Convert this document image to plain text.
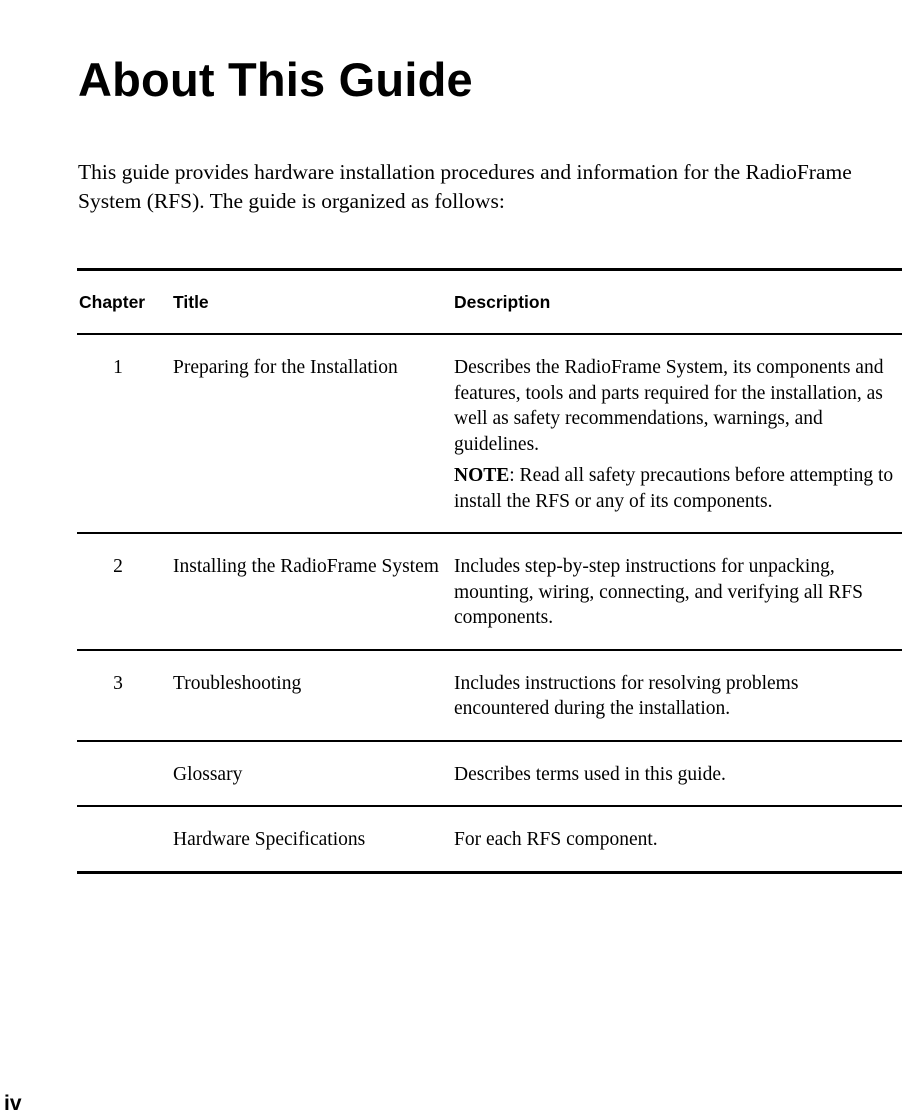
About This Guide

This guide provides hardware installation procedures and information for the RadioFrame System (RFS). The guide is organized as follows:

Chapter	Title	Description
1	Preparing for the Installation	Describes the RadioFrame System, its components and features, tools and parts required for the installation, as well as safety recommendations, warnings, and guidelines.
NOTE: Read all safety precautions before attempting to install the RFS or any of its components.

2	Installing the RadioFrame System	Includes step-by-step instructions for unpacking, mounting, wiring, connecting, and verifying all RFS components.
3	Troubleshooting	Includes instructions for resolving problems encountered during the installation.
	Glossary	Describes terms used in this guide.
	Hardware Specifications	For each RFS component.
iv
